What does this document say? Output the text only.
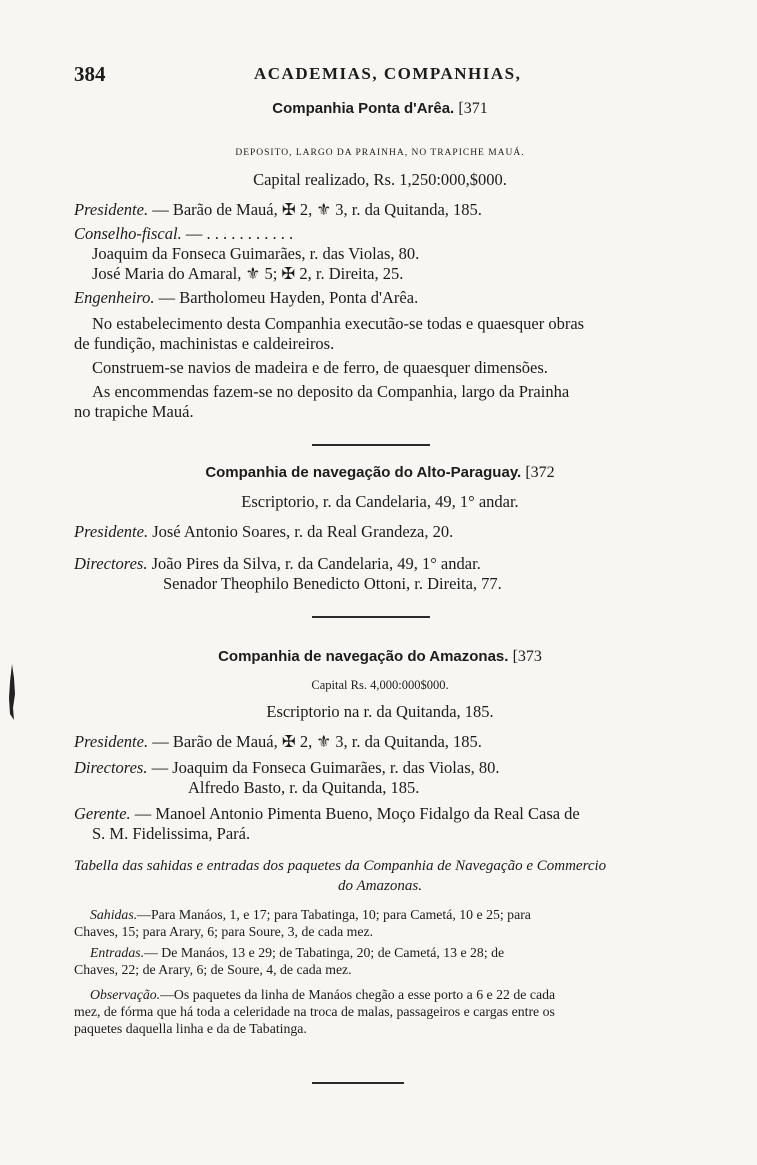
384	ACADEMIAS, COMPANHIAS,
Companhia Ponta d'Arêa. [371
DEPOSITO, LARGO DA PRAINHA, NO TRAPICHE MAUÁ.
Capital realizado, Rs. 1,250:000,$000.
Presidente. — Barão de Mauá, ✠ 2, ⚜ 3, r. da Quitanda, 185.
Conselho-fiscal. — . . . . . . . . . . .
Joaquim da Fonseca Guimarães, r. das Violas, 80.
José Maria do Amaral, ⚜ 5; ✠ 2, r. Direita, 25.
Engenheiro. — Bartholomeu Hayden, Ponta d'Arêa.
No estabelecimento desta Companhia executão-se todas e quaesquer obras
de fundição, machinistas e caldeireiros.
Construem-se navios de madeira e de ferro, de quaesquer dimensões.
As encommendas fazem-se no deposito da Companhia, largo da Prainha
no trapiche Mauá.
Companhia de navegação do Alto-Paraguay. [372
Escriptorio, r. da Candelaria, 49, 1° andar.
Presidente. José Antonio Soares, r. da Real Grandeza, 20.
Directores. João Pires da Silva, r. da Candelaria, 49, 1° andar.
Senador Theophilo Benedicto Ottoni, r. Direita, 77.
Companhia de navegação do Amazonas. [373
Capital Rs. 4,000:000$000.
Escriptorio na r. da Quitanda, 185.
Presidente. — Barão de Mauá, ✠ 2, ⚜ 3, r. da Quitanda, 185.
Directores. — Joaquim da Fonseca Guimarães, r. das Violas, 80.
Alfredo Basto, r. da Quitanda, 185.
Gerente. — Manoel Antonio Pimenta Bueno, Moço Fidalgo da Real Casa de
S. M. Fidelissima, Pará.
Tabella das sahidas e entradas dos paquetes da Companhia de Navegação e Commercio
do Amazonas.
Sahidas.—Para Manáos, 1, e 17; para Tabatinga, 10; para Cametá, 10 e 25; para
Chaves, 15; para Arary, 6; para Soure, 3, de cada mez.
Entradas.— De Manáos, 13 e 29; de Tabatinga, 20; de Cametá, 13 e 28; de
Chaves, 22; de Arary, 6; de Soure, 4, de cada mez.
Observação.—Os paquetes da linha de Manáos chegão a esse porto a 6 e 22 de cada
mez, de fórma que há toda a celeridade na troca de malas, passageiros e cargas entre os
paquetes daquella linha e da de Tabatinga.
